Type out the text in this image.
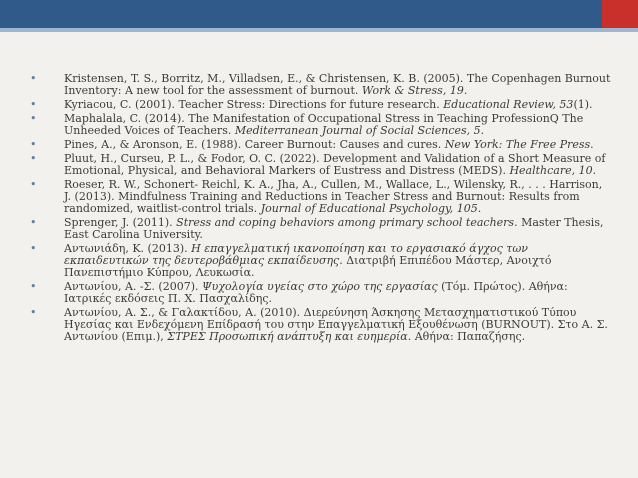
•	Kristensen, T. S., Borritz, M., Villadsen, E., & Christensen, K. B. (2005). The Copenhagen Burnout Inventory: A new tool for the assessment of burnout. Work & Stress, 19.
•	Kyriacou, C. (2001). Teacher Stress: Directions for future research. Educational Review, 53(1).
•	Maphalala, C. (2014). The Manifestation of Occupational Stress in Teaching ProfessionQ The Unheeded Voices of Teachers. Mediterranean Journal of Social Sciences, 5.
•	Pines, A., & Aronson, E. (1988). Career Burnout: Causes and cures. New York: The Free Press.
•	Pluut, H., Curseu, P. L., & Fodor, O. C. (2022). Development and Validation of a Short Measure of Emotional, Physical, and Behavioral Markers of Eustress and Distress (MEDS). Healthcare, 10.
•	Roeser, R. W., Schonert- Reichl, K. A., Jha, A., Cullen, M., Wallace, L., Wilensky, R., . . . Harrison, J. (2013). Mindfulness Training and Reductions in Teacher Stress and Burnout: Results from randomized, waitlist-control trials. Journal of Educational Psychology, 105.
•	Sprenger, J. (2011). Stress and coping behaviors among primary school teachers. Master Thesis, East Carolina University.
•	Αντωνιάδη, Κ. (2013). Η επαγγελματική ικανοποίηση και το εργασιακό άγχος των εκπαιδευτικών της δευτεροβάθμιας εκπαίδευσης. Διατριβή Επιπέδου Μάστερ, Ανοιχτό Πανεπιστήμιο Κύπρου, Λευκωσία.
•	Αντωνίου, Α. -Σ. (2007). Ψυχολογία υγείας στο χώρο της εργασίας (Τόμ. Πρώτος). Αθήνα: Ιατρικές εκδόσεις Π. Χ. Πασχαλίδης.
•	Αντωνίου, Α. Σ., & Γαλακτίδου, Α. (2010). Διερεύνηση Άσκησης Μετασχηματιστικού Τύπου Ηγεσίας και Ενδεχόμενη Επίδρασή του στην Επαγγελματική Εξουθένωση (BURNOUT). Στο Α. Σ. Αντωνίου (Επιμ.), ΣΤΡΕΣ Προσωπική ανάπτυξη και ευημερία. Αθήνα: Παπαζήσης.
